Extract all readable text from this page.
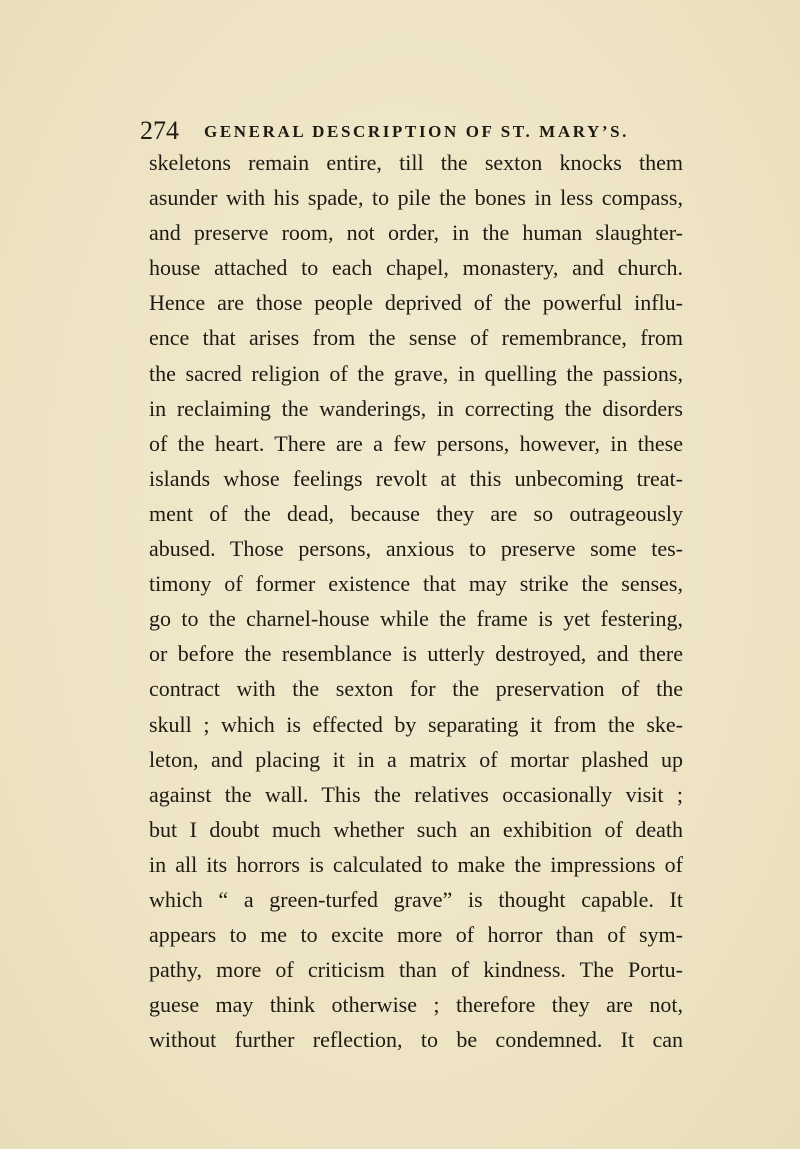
274 GENERAL DESCRIPTION OF ST. MARY’S.
skeletons remain entire, till the sexton knocks them
asunder with his spade, to pile the bones in less compass,
and preserve room, not order, in the human slaughter-
house attached to each chapel, monastery, and church.
Hence are those people deprived of the powerful influ-
ence that arises from the sense of remembrance, from
the sacred religion of the grave, in quelling the passions,
in reclaiming the wanderings, in correcting the disorders
of the heart. There are a few persons, however, in these
islands whose feelings revolt at this unbecoming treat-
ment of the dead, because they are so outrageously
abused. Those persons, anxious to preserve some tes-
timony of former existence that may strike the senses,
go to the charnel-house while the frame is yet festering,
or before the resemblance is utterly destroyed, and there
contract with the sexton for the preservation of the
skull ; which is effected by separating it from the ske-
leton, and placing it in a matrix of mortar plashed up
against the wall. This the relatives occasionally visit ;
but I doubt much whether such an exhibition of death
in all its horrors is calculated to make the impressions of
which “ a green-turfed grave” is thought capable. It
appears to me to excite more of horror than of sym-
pathy, more of criticism than of kindness. The Portu-
guese may think otherwise ; therefore they are not,
without further reflection, to be condemned. It can
